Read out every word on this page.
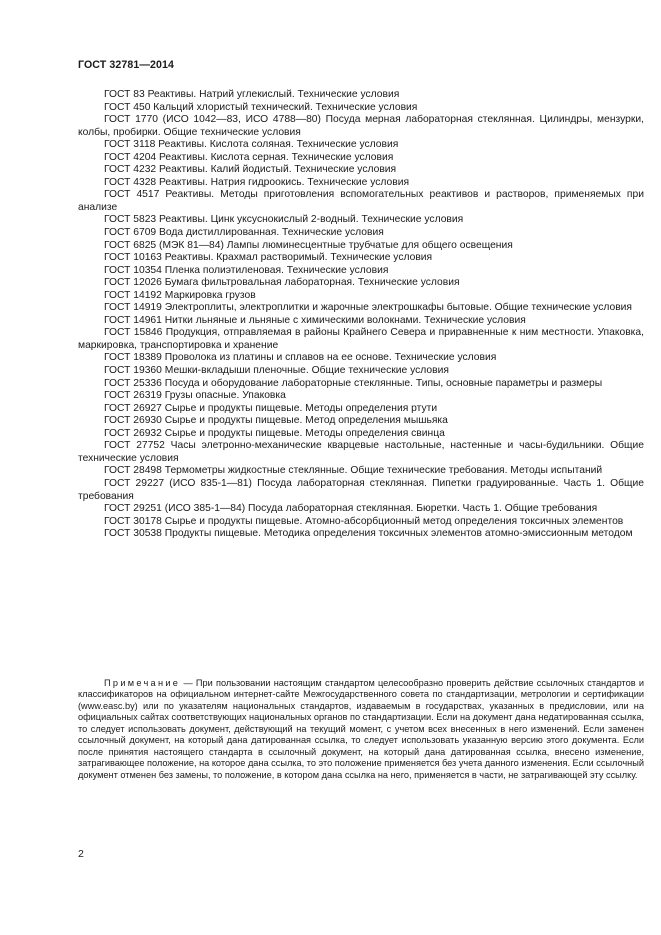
ГОСТ 32781—2014

ГОСТ 83 Реактивы. Натрий углекислый. Технические условия

ГОСТ 450 Кальций хлористый технический. Технические условия

ГОСТ 1770 (ИСО 1042—83, ИСО 4788—80) Посуда мерная лабораторная стеклянная. Цилиндры, мензурки, колбы, пробирки. Общие технические условия

ГОСТ 3118 Реактивы. Кислота соляная. Технические условия

ГОСТ 4204 Реактивы. Кислота серная. Технические условия

ГОСТ 4232 Реактивы. Калий йодистый. Технические условия

ГОСТ 4328 Реактивы. Натрия гидроокись. Технические условия

ГОСТ 4517 Реактивы. Методы приготовления вспомогательных реактивов и растворов, применяемых при анализе

ГОСТ 5823 Реактивы. Цинк уксуснокислый 2-водный. Технические условия

ГОСТ 6709 Вода дистиллированная. Технические условия

ГОСТ 6825 (МЭК 81—84) Лампы люминесцентные трубчатые для общего освещения

ГОСТ 10163 Реактивы. Крахмал растворимый. Технические условия

ГОСТ 10354 Пленка полиэтиленовая. Технические условия

ГОСТ 12026 Бумага фильтровальная лабораторная. Технические условия

ГОСТ 14192 Маркировка грузов

ГОСТ 14919 Электроплиты, электроплитки и жарочные электрошкафы бытовые. Общие технические условия

ГОСТ 14961 Нитки льняные и льняные с химическими волокнами. Технические условия

ГОСТ 15846 Продукция, отправляемая в районы Крайнего Севера и приравненные к ним местности. Упаковка, маркировка, транспортировка и хранение

ГОСТ 18389 Проволока из платины и сплавов на ее основе. Технические условия

ГОСТ 19360 Мешки-вкладыши пленочные. Общие технические условия

ГОСТ 25336 Посуда и оборудование лабораторные стеклянные. Типы, основные параметры и размеры

ГОСТ 26319 Грузы опасные. Упаковка

ГОСТ 26927 Сырье и продукты пищевые. Методы определения ртути

ГОСТ 26930 Сырье и продукты пищевые. Метод определения мышьяка

ГОСТ 26932 Сырье и продукты пищевые. Методы определения свинца

ГОСТ 27752 Часы элетронно-механические кварцевые настольные, настенные и часы-будильники. Общие технические условия

ГОСТ 28498 Термометры жидкостные стеклянные. Общие технические требования. Методы испытаний

ГОСТ 29227 (ИСО 835-1—81) Посуда лабораторная стеклянная. Пипетки градуированные. Часть 1. Общие требования

ГОСТ 29251 (ИСО 385-1—84) Посуда лабораторная стеклянная. Бюретки. Часть 1. Общие требования

ГОСТ 30178 Сырье и продукты пищевые. Атомно-абсорбционный метод определения токсичных элементов

ГОСТ 30538 Продукты пищевые. Методика определения токсичных элементов атомно-эмиссионным методом

Примечание — При пользовании настоящим стандартом целесообразно проверить действие ссылочных стандартов и классификаторов на официальном интернет-сайте Межгосударственного совета по стандартизации, метрологии и сертификации (www.easc.by) или по указателям национальных стандартов, издаваемым в государствах, указанных в предисловии, или на официальных сайтах соответствующих национальных органов по стандартизации. Если на документ дана недатированная ссылка, то следует использовать документ, действующий на текущий момент, с учетом всех внесенных в него изменений. Если заменен ссылочный документ, на который дана датированная ссылка, то следует использовать указанную версию этого документа. Если после принятия настоящего стандарта в ссылочный документ, на который дана датированная ссылка, внесено изменение, затрагивающее положение, на которое дана ссылка, то это положение применяется без учета данного изменения. Если ссылочный документ отменен без замены, то положение, в котором дана ссылка на него, применяется в части, не затрагивающей эту ссылку.

2
